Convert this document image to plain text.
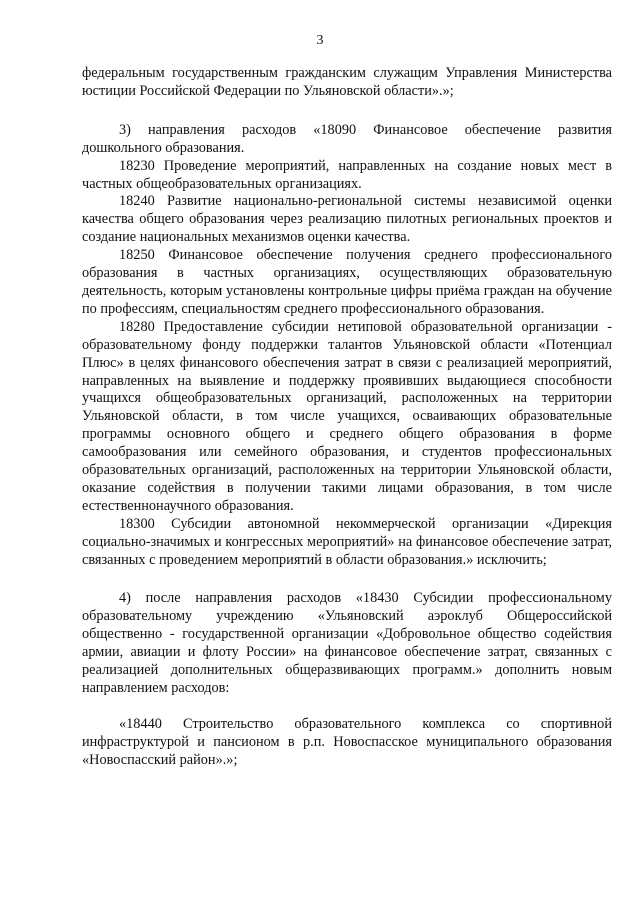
3

федеральным государственным гражданским служащим Управления Министерства юстиции Российской Федерации по Ульяновской области».»;

3) направления расходов «18090 Финансовое обеспечение развития дошкольного образования.

18230 Проведение мероприятий, направленных на создание новых мест в частных общеобразовательных организациях.

18240 Развитие национально-регионaльной системы независимой оценки качества общего образования через реализацию пилотных региональных проектов и создание национальных механизмов оценки качества.

18250 Финансовое обеспечение получения среднего профессионального образования в частных организациях, осуществляющих образовательную деятельность, которым установлены контрольные цифры приёма граждан на обучение по профессиям, специальностям среднего профессионального образования.

18280 Предоставление субсидии нетиповой образовательной организации - образовательному фонду поддержки талантов Ульяновской области «Потенциал Плюс» в целях финансового обеспечения затрат в связи с реализацией мероприятий, направленных на выявление и поддержку проявивших выдающиеся способности учащихся общеобразовательных организаций, расположенных на территории Ульяновской области, в том числе учащихся, осваивающих образовательные программы основного общего и среднего общего образования в форме самообразования или семейного образования, и студентов профессиональных образовательных организаций, расположенных на территории Ульяновской области, оказание содействия в получении такими лицами образования, в том числе естественнонаучного образования.

18300 Субсидии автономной некоммерческой организации «Дирекция социально-значимых и конгрессных мероприятий» на финансовое обеспечение затрат, связанных с проведением мероприятий в области образования.» исключить;

4) после направления расходов «18430 Субсидии профессиональному образовательному учреждению «Ульяновский аэроклуб Общероссийской общественно - государственной организации «Добровольное общество содействия армии, авиации и флоту России» на финансовое обеспечение затрат, связанных с реализацией дополнительных общеразвивающих программ.» дополнить новым направлением расходов:

«18440 Строительство образовательного комплекса со спортивной инфраструктурой и пансионом в р.п. Новоспасское муниципального образования «Новоспасский район».»;
